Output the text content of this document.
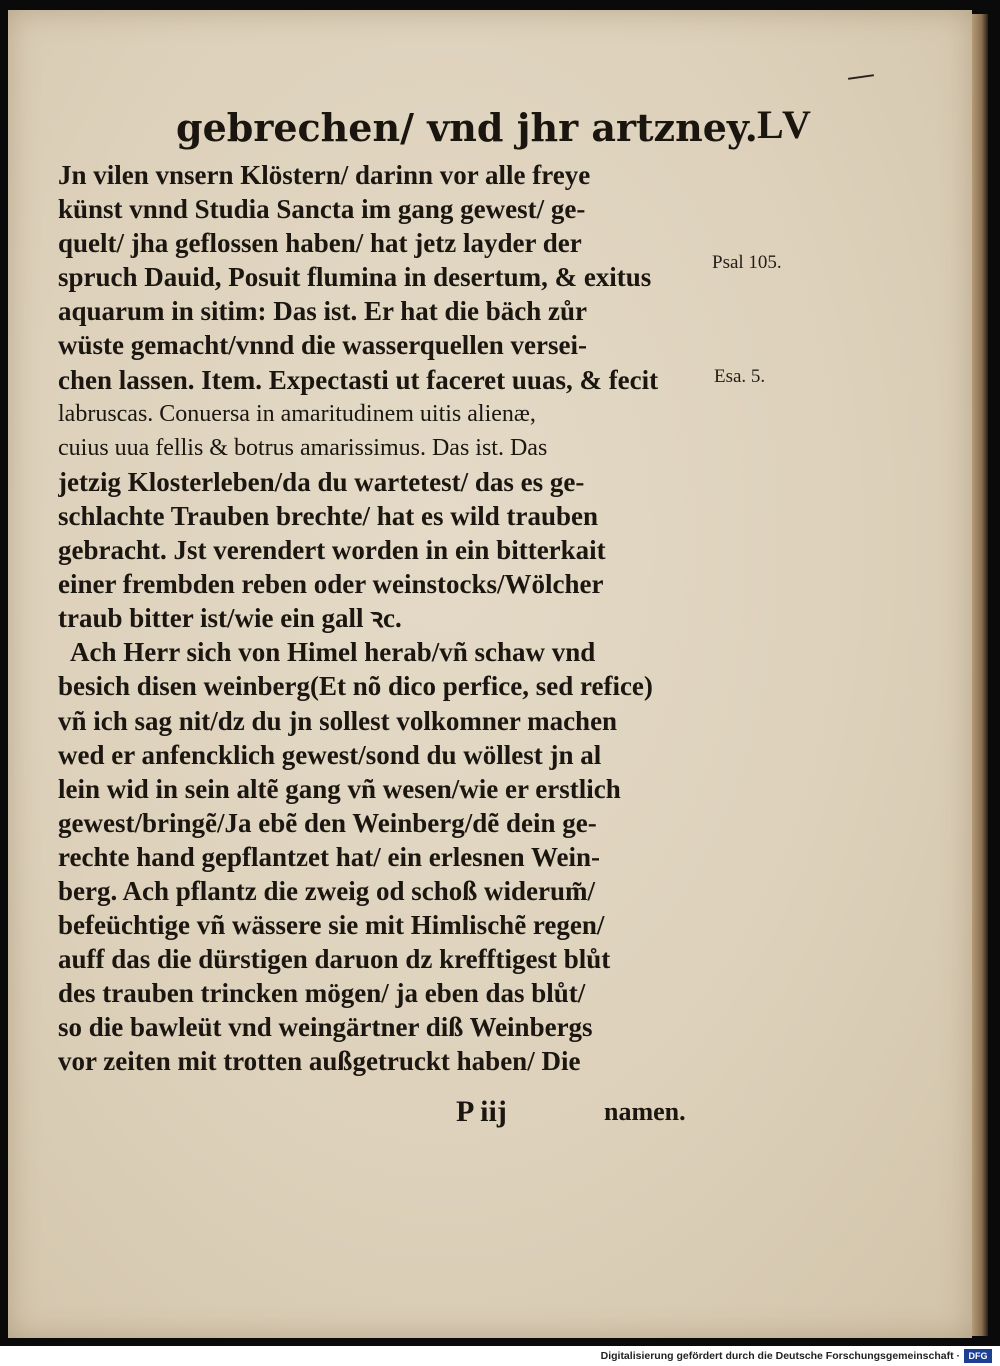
gebrechen/ vnd jhr artzney. LV
Jn vilen vnsern Klöstern/ darinn vor alle freye
künst vnnd Studia Sancta im gang gewest/ ge-
quelt/ jha geflossen haben/ hat jetz layder der
spruch Dauid, Posuit flumina in desertum, & exitus
aquarum in sitim: Das ist. Er hat die bäch zůr
wüste gemacht/vnnd die wasserquellen versei-
chen lassen. Item. Expectasti ut faceret uuas, & fecit
labruscas. Conuersa in amaritudinem uitis alienæ,
cuius uua fellis & botrus amarissimus. Das ist. Das
jetzig Klosterleben/da du wartetest/ das es ge-
schlachte Trauben brechte/ hat es wild trauben
gebracht. Jst verendert worden in ein bitterkait
einer frembden reben oder weinstocks/Wölcher
traub bitter ist/wie ein gall ꝛc.
Ach Herr sich von Himel herab/vñ schaw vnd
besich disen weinberg(Et nõ dico perfice, sed refice)
vñ ich sag nit/dz du jn sollest volkomner machen
wed er anfencklich gewest/sond du wöllest jn al
lein wid in sein altẽ gang vñ wesen/wie er erstlich
gewest/bringẽ/Ja ebẽ den Weinberg/dẽ dein ge-
rechte hand gepflantzet hat/ ein erlesnen Wein-
berg. Ach pflantz die zweig od schoß widerum̃/
befeüchtige vñ wässere sie mit Himlischẽ regen/
auff das die dürstigen daruon dz krefftigest blůt
des trauben trincken mögen/ ja eben das blůt/
so die bawleüt vnd weingärtner diß Weinbergs
vor zeiten mit trotten außgetruckt haben/ Die
Psal 105.
Esa. 5.
P iij	namen.
Digitalisierung gefördert durch die Deutsche Forschungsgemeinschaft · DFG
